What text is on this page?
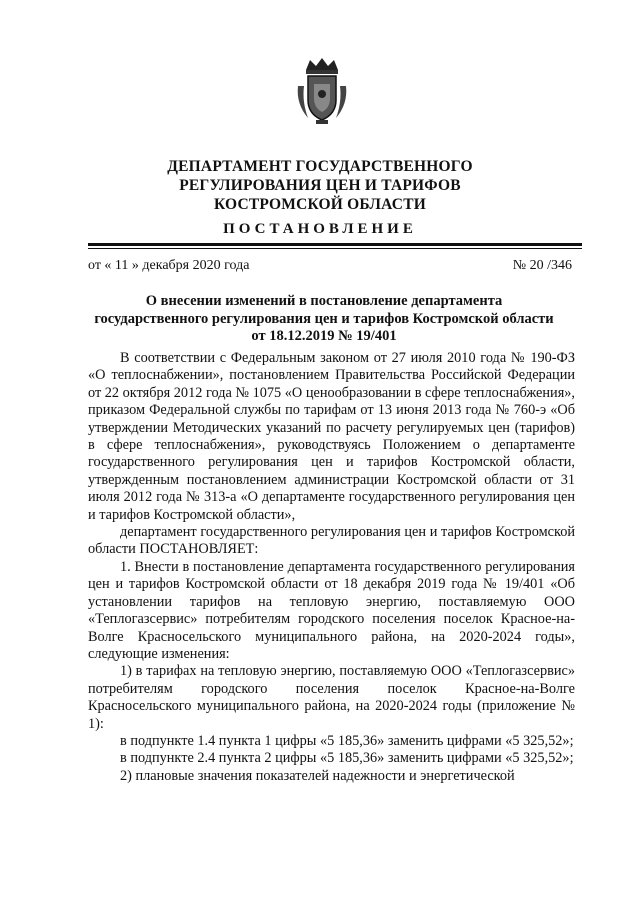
ДЕПАРТАМЕНТ ГОСУДАРСТВЕННОГО
РЕГУЛИРОВАНИЯ ЦЕН И ТАРИФОВ
КОСТРОМСКОЙ ОБЛАСТИ
ПОСТАНОВЛЕНИЕ
от « 11 » декабря 2020 года	№ 20 /346
О внесении изменений в постановление департамента
государственного регулирования цен и тарифов Костромской области
от 18.12.2019 № 19/401

В соответствии с Федеральным законом от 27 июля 2010 года № 190-ФЗ «О теплоснабжении», постановлением Правительства Российской Федерации от 22 октября 2012 года № 1075 «О ценообразовании в сфере теплоснабжения», приказом Федеральной службы по тарифам от 13 июня 2013 года № 760-э «Об утверждении Методических указаний по расчету регулируемых цен (тарифов) в сфере теплоснабжения», руководствуясь Положением о департаменте государственного регулирования цен и тарифов Костромской области, утвержденным постановлением администрации Костромской области от 31 июля 2012 года № 313-а «О департаменте государственного регулирования цен и тарифов Костромской области»,

департамент государственного регулирования цен и тарифов Костромской области ПОСТАНОВЛЯЕТ:

1. Внести в постановление департамента государственного регулирования цен и тарифов Костромской области от 18 декабря 2019 года № 19/401 «Об установлении тарифов на тепловую энергию, поставляемую ООО «Теплогазсервис» потребителям городского поселения поселок Красное-на-Волге Красносельского муниципального района, на 2020-2024 годы», следующие изменения:

1) в тарифах на тепловую энергию, поставляемую ООО «Теплогазсервис» потребителям городского поселения поселок Красное-на-Волге Красносельского муниципального района, на 2020-2024 годы (приложение № 1):

в подпункте 1.4 пункта 1 цифры «5 185,36» заменить цифрами «5 325,52»;

в подпункте 2.4 пункта 2 цифры «5 185,36» заменить цифрами «5 325,52»;

2) плановые значения показателей надежности и энергетической
